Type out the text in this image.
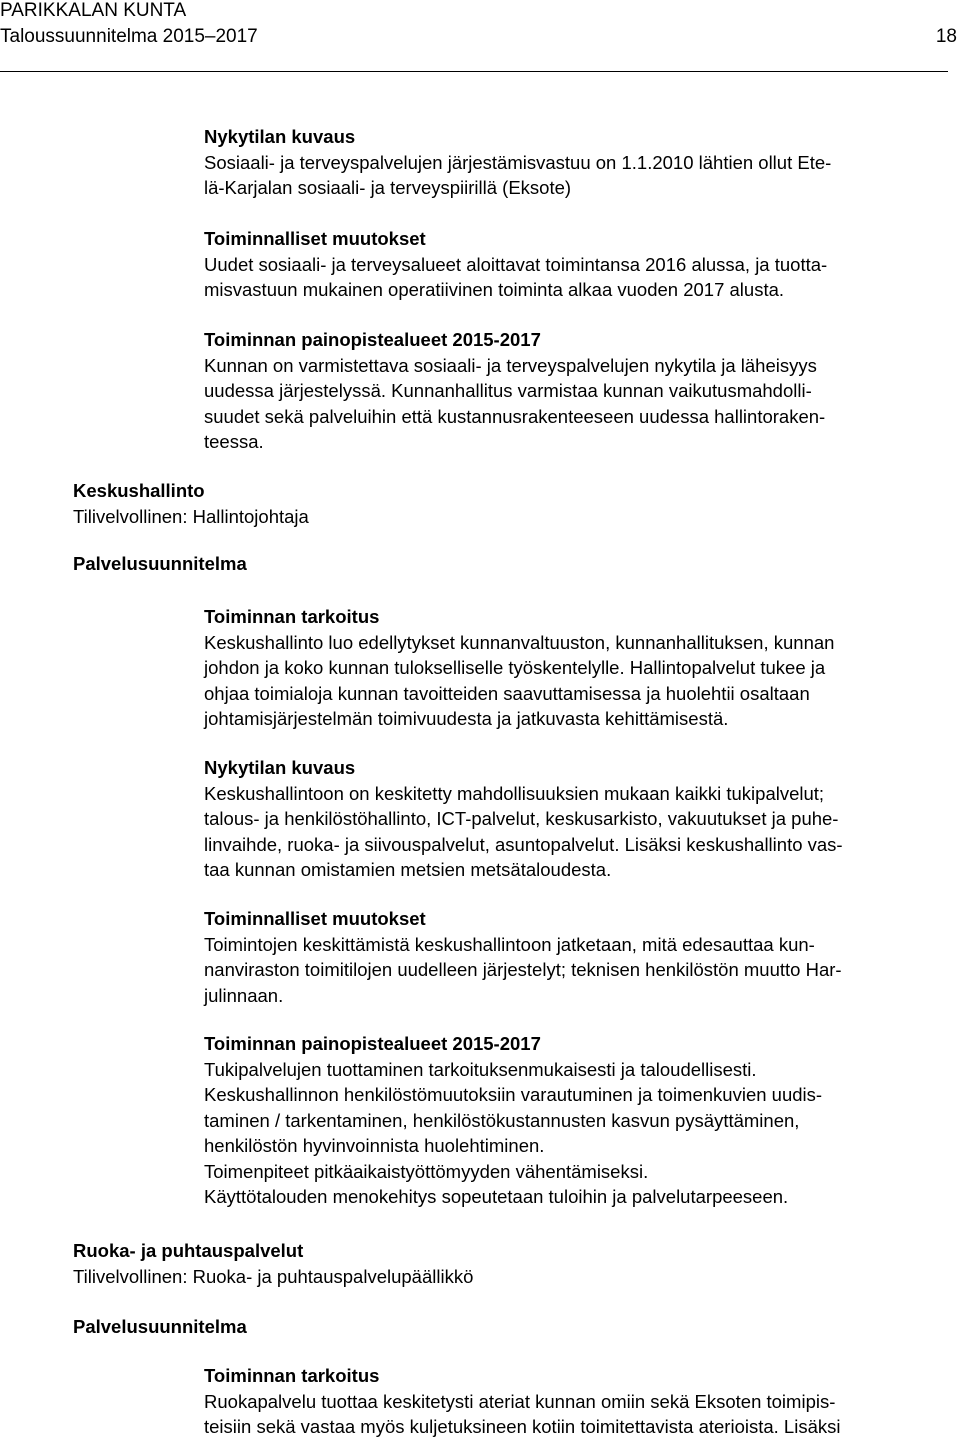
PARIKKALAN KUNTA
Taloussuunnitelma 2015–2017	18
Nykytilan kuvaus
Sosiaali- ja terveyspalvelujen järjestämisvastuu on 1.1.2010 lähtien ollut Ete-
lä-Karjalan sosiaali- ja terveyspiirillä (Eksote)
Toiminnalliset muutokset
Uudet sosiaali- ja terveysalueet aloittavat toimintansa 2016 alussa, ja tuotta-
misvastuun mukainen operatiivinen toiminta alkaa vuoden 2017 alusta.
Toiminnan painopistealueet 2015-2017
Kunnan on varmistettava sosiaali- ja terveyspalvelujen nykytila ja läheisyys
uudessa järjestelyssä. Kunnanhallitus varmistaa kunnan vaikutusmahdolli-
suudet sekä palveluihin että kustannusrakenteeseen uudessa hallintoraken-
teessa.
Keskushallinto
Tilivelvollinen: Hallintojohtaja
Palvelusuunnitelma
Toiminnan tarkoitus
Keskushallinto luo edellytykset kunnanvaltuuston, kunnanhallituksen, kunnan
johdon ja koko kunnan tulokselliselle työskentelylle. Hallintopalvelut tukee ja
ohjaa toimialoja kunnan tavoitteiden saavuttamisessa ja huolehtii osaltaan
johtamisjärjestelmän toimivuudesta ja jatkuvasta kehittämisestä.
Nykytilan kuvaus
Keskushallintoon on keskitetty mahdollisuuksien mukaan kaikki tukipalvelut;
talous- ja henkilöstöhallinto, ICT-palvelut, keskusarkisto, vakuutukset ja puhe-
linvaihde, ruoka- ja siivouspalvelut, asuntopalvelut. Lisäksi keskushallinto vas-
taa kunnan omistamien metsien metsätaloudesta.
Toiminnalliset muutokset
Toimintojen keskittämistä keskushallintoon jatketaan, mitä edesauttaa kun-
nanviraston toimitilojen uudelleen järjestelyt; teknisen henkilöstön muutto Har-
julinnaan.
Toiminnan painopistealueet 2015-2017
Tukipalvelujen tuottaminen tarkoituksenmukaisesti ja taloudellisesti.
Keskushallinnon henkilöstömuutoksiin varautuminen ja toimenkuvien uudis-
taminen / tarkentaminen, henkilöstökustannusten kasvun pysäyttäminen,
henkilöstön hyvinvoinnista huolehtiminen.
Toimenpiteet pitkäaikaistyöttömyyden vähentämiseksi.
Käyttötalouden menokehitys sopeutetaan tuloihin ja palvelutarpeeseen.
Ruoka- ja puhtauspalvelut
Tilivelvollinen: Ruoka- ja puhtauspalvelupäällikkö
Palvelusuunnitelma
Toiminnan tarkoitus
Ruokapalvelu tuottaa keskitetysti ateriat kunnan omiin sekä Eksoten toimipis-
teisiin sekä vastaa myös kuljetuksineen kotiin toimitettavista aterioista. Lisäksi
